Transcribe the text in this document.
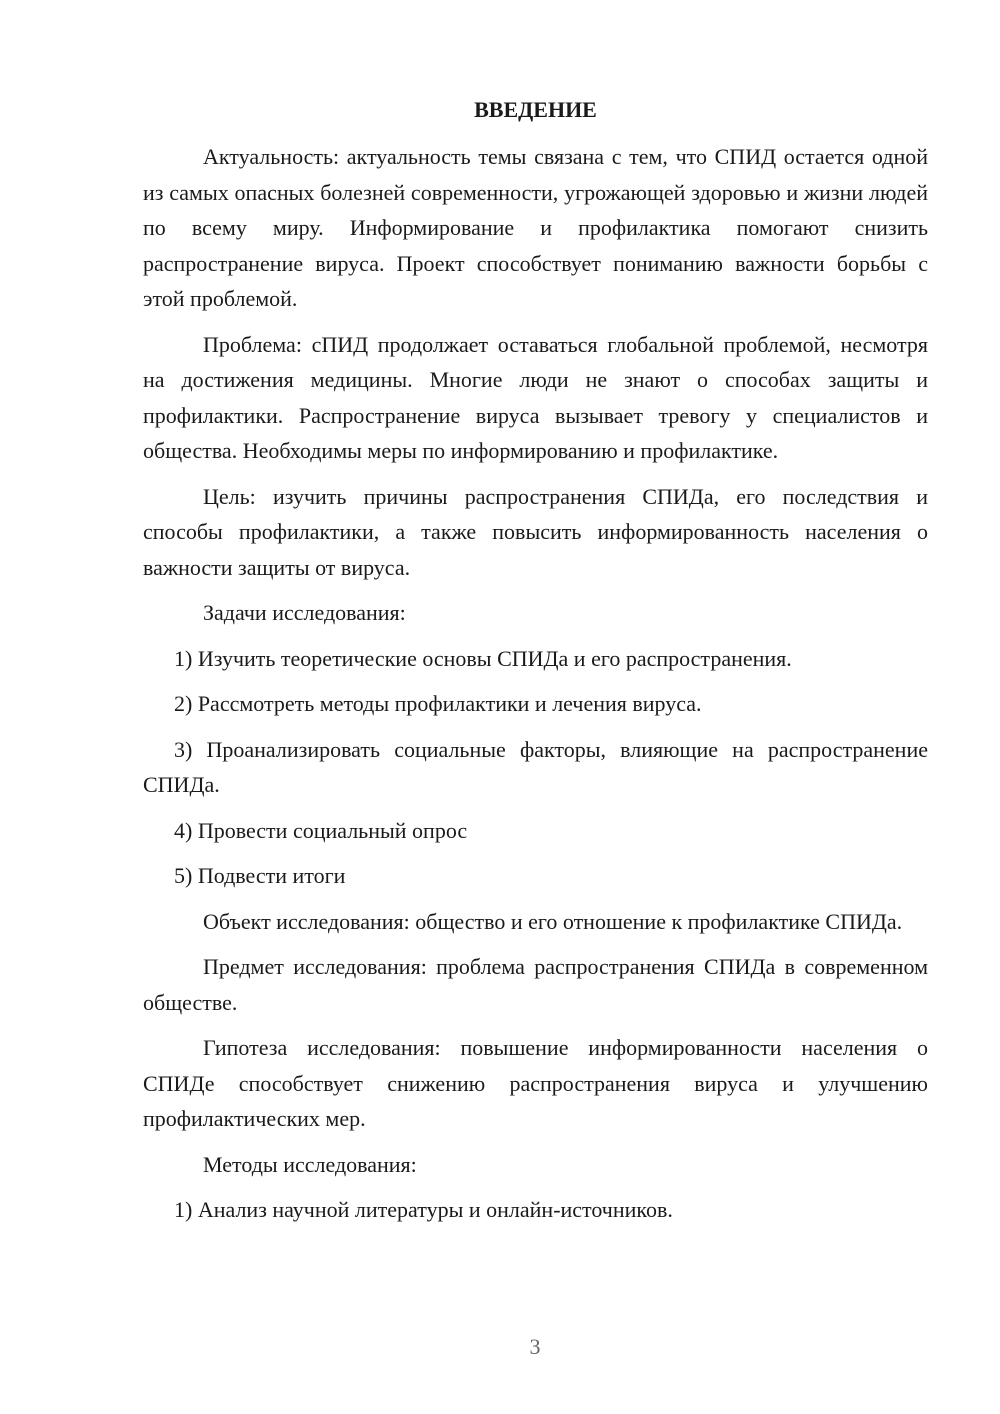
ВВЕДЕНИЕ

Актуальность: актуальность темы связана с тем, что СПИД остается одной из самых опасных болезней современности, угрожающей здоровью и жизни людей по всему миру. Информирование и профилактика помогают снизить распространение вируса. Проект способствует пониманию важности борьбы с этой проблемой.

Проблема: сПИД продолжает оставаться глобальной проблемой, несмотря на достижения медицины. Многие люди не знают о способах защиты и профилактики. Распространение вируса вызывает тревогу у специалистов и общества. Необходимы меры по информированию и профилактике.

Цель: изучить причины распространения СПИДа, его последствия и способы профилактики, а также повысить информированность населения о важности защиты от вируса.

Задачи исследования:

1) Изучить теоретические основы СПИДа и его распространения.

2) Рассмотреть методы профилактики и лечения вируса.

3) Проанализировать социальные факторы, влияющие на распространение СПИДа.

4) Провести социальный опрос

5) Подвести итоги

Объект исследования: общество и его отношение к профилактике СПИДа.

Предмет исследования: проблема распространения СПИДа в современном обществе.

Гипотеза исследования: повышение информированности населения о СПИДе способствует снижению распространения вируса и улучшению профилактических мер.

Методы исследования:

1) Анализ научной литературы и онлайн-источников.

3
